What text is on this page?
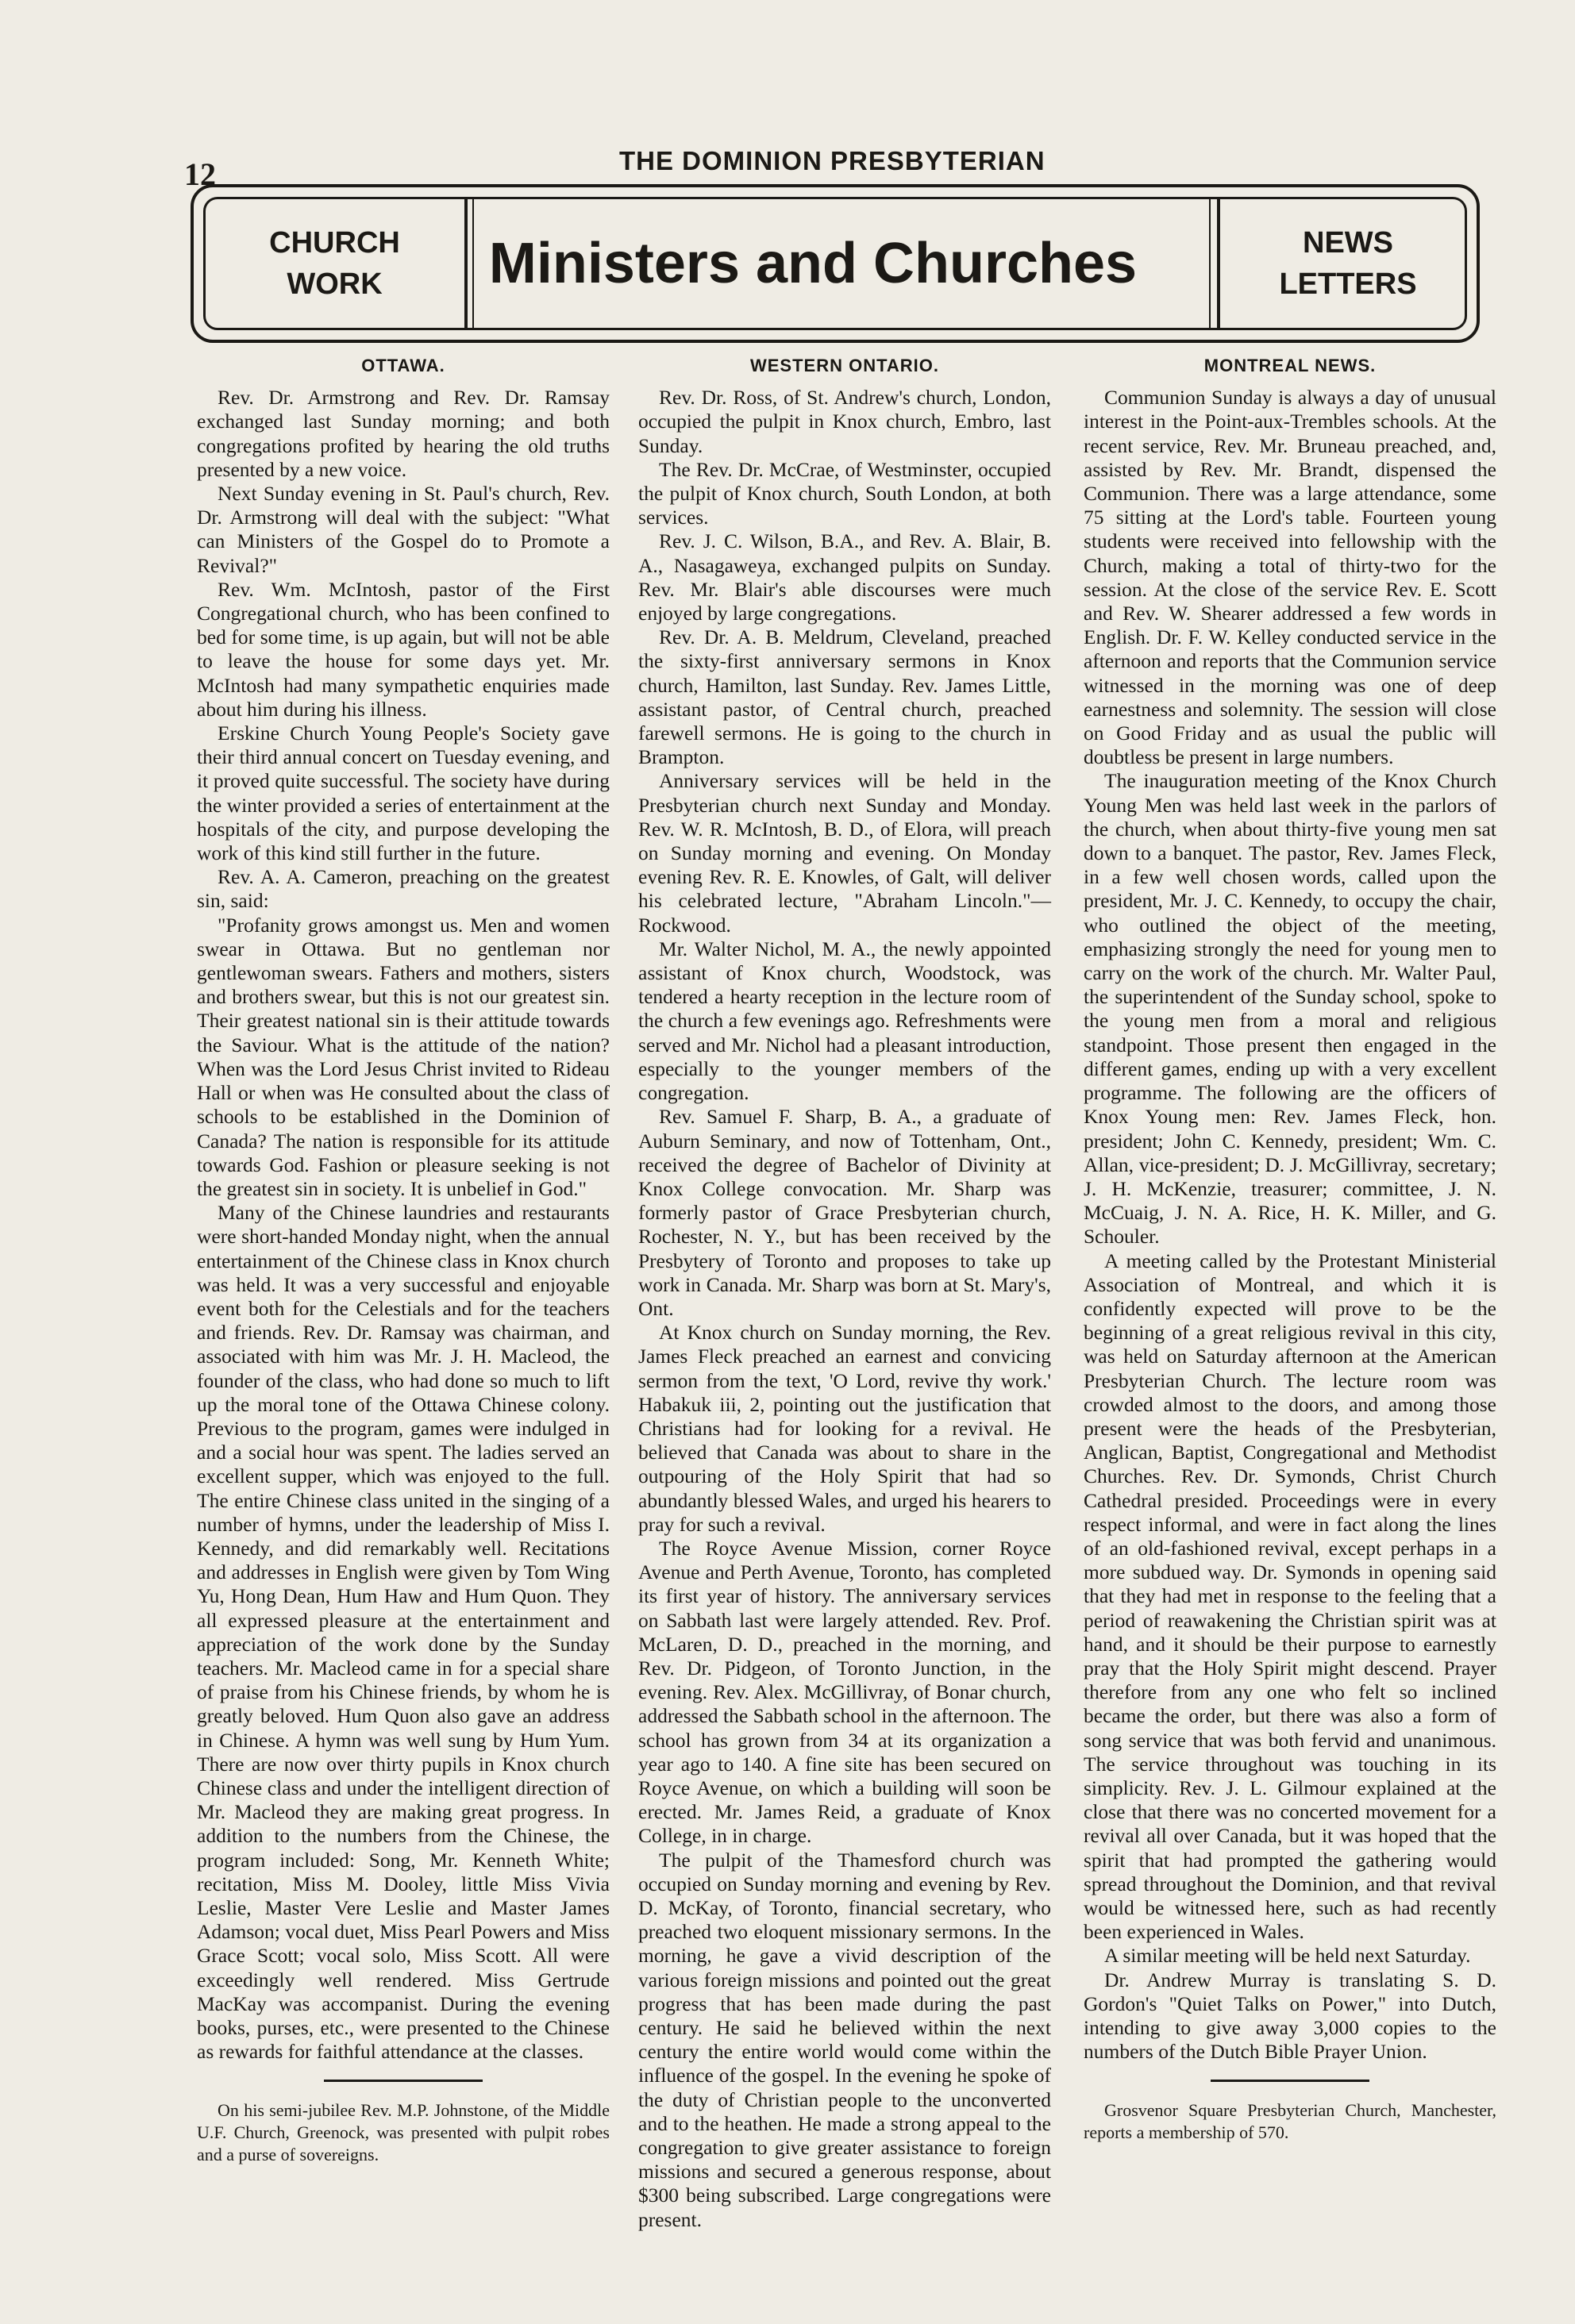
12	THE DOMINION PRESBYTERIAN
CHURCH
WORK	Ministers and Churches	NEWS
LETTERS
OTTAWA.

Rev. Dr. Armstrong and Rev. Dr. Ramsay exchanged last Sunday morning; and both congregations profited by hearing the old truths presented by a new voice.

Next Sunday evening in St. Paul's church, Rev. Dr. Armstrong will deal with the subject: "What can Ministers of the Gospel do to Promote a Revival?"

Rev. Wm. McIntosh, pastor of the First Congregational church, who has been confined to bed for some time, is up again, but will not be able to leave the house for some days yet. Mr. McIntosh had many sympathetic enquiries made about him during his illness.

Erskine Church Young People's Society gave their third annual concert on Tuesday evening, and it proved quite successful. The society have during the winter provided a series of entertainment at the hospitals of the city, and purpose developing the work of this kind still further in the future.

Rev. A. A. Cameron, preaching on the greatest sin, said:

"Profanity grows amongst us. Men and women swear in Ottawa. But no gentleman nor gentlewoman swears. Fathers and mothers, sisters and brothers swear, but this is not our greatest sin. Their greatest national sin is their attitude towards the Saviour. What is the attitude of the nation? When was the Lord Jesus Christ invited to Rideau Hall or when was He consulted about the class of schools to be established in the Dominion of Canada? The nation is responsible for its attitude towards God. Fashion or pleasure seeking is not the greatest sin in society. It is unbelief in God."

Many of the Chinese laundries and restaurants were short-handed Monday night, when the annual entertainment of the Chinese class in Knox church was held. It was a very successful and enjoyable event both for the Celestials and for the teachers and friends. Rev. Dr. Ramsay was chairman, and associated with him was Mr. J. H. Macleod, the founder of the class, who had done so much to lift up the moral tone of the Ottawa Chinese colony. Previous to the program, games were indulged in and a social hour was spent. The ladies served an excellent supper, which was enjoyed to the full. The entire Chinese class united in the singing of a number of hymns, under the leadership of Miss I. Kennedy, and did remarkably well. Recitations and addresses in English were given by Tom Wing Yu, Hong Dean, Hum Haw and Hum Quon. They all expressed pleasure at the entertainment and appreciation of the work done by the Sunday teachers. Mr. Macleod came in for a special share of praise from his Chinese friends, by whom he is greatly beloved. Hum Quon also gave an address in Chinese. A hymn was well sung by Hum Yum. There are now over thirty pupils in Knox church Chinese class and under the intelligent direction of Mr. Macleod they are making great progress. In addition to the numbers from the Chinese, the program included: Song, Mr. Kenneth White; recitation, Miss M. Dooley, little Miss Vivia Leslie, Master Vere Leslie and Master James Adamson; vocal duet, Miss Pearl Powers and Miss Grace Scott; vocal solo, Miss Scott. All were exceedingly well rendered. Miss Gertrude MacKay was accompanist. During the evening books, purses, etc., were presented to the Chinese as rewards for faithful attendance at the classes.

On his semi-jubilee Rev. M.P. Johnstone, of the Middle U.F. Church, Greenock, was presented with pulpit robes and a purse of sovereigns.

WESTERN ONTARIO.

Rev. Dr. Ross, of St. Andrew's church, London, occupied the pulpit in Knox church, Embro, last Sunday.

The Rev. Dr. McCrae, of Westminster, occupied the pulpit of Knox church, South London, at both services.

Rev. J. C. Wilson, B.A., and Rev. A. Blair, B. A., Nasagaweya, exchanged pulpits on Sunday. Rev. Mr. Blair's able discourses were much enjoyed by large congregations.

Rev. Dr. A. B. Meldrum, Cleveland, preached the sixty-first anniversary sermons in Knox church, Hamilton, last Sunday. Rev. James Little, assistant pastor, of Central church, preached farewell sermons. He is going to the church in Brampton.

Anniversary services will be held in the Presbyterian church next Sunday and Monday. Rev. W. R. McIntosh, B. D., of Elora, will preach on Sunday morning and evening. On Monday evening Rev. R. E. Knowles, of Galt, will deliver his celebrated lecture, "Abraham Lincoln."—Rockwood.

Mr. Walter Nichol, M. A., the newly appointed assistant of Knox church, Woodstock, was tendered a hearty reception in the lecture room of the church a few evenings ago. Refreshments were served and Mr. Nichol had a pleasant introduction, especially to the younger members of the congregation.

Rev. Samuel F. Sharp, B. A., a graduate of Auburn Seminary, and now of Tottenham, Ont., received the degree of Bachelor of Divinity at Knox College convocation. Mr. Sharp was formerly pastor of Grace Presbyterian church, Rochester, N. Y., but has been received by the Presbytery of Toronto and proposes to take up work in Canada. Mr. Sharp was born at St. Mary's, Ont.

At Knox church on Sunday morning, the Rev. James Fleck preached an earnest and convicing sermon from the text, 'O Lord, revive thy work.' Habakuk iii, 2, pointing out the justification that Christians had for looking for a revival. He believed that Canada was about to share in the outpouring of the Holy Spirit that had so abundantly blessed Wales, and urged his hearers to pray for such a revival.

The Royce Avenue Mission, corner Royce Avenue and Perth Avenue, Toronto, has completed its first year of history. The anniversary services on Sabbath last were largely attended. Rev. Prof. McLaren, D. D., preached in the morning, and Rev. Dr. Pidgeon, of Toronto Junction, in the evening. Rev. Alex. McGillivray, of Bonar church, addressed the Sabbath school in the afternoon. The school has grown from 34 at its organization a year ago to 140. A fine site has been secured on Royce Avenue, on which a building will soon be erected. Mr. James Reid, a graduate of Knox College, in in charge.

The pulpit of the Thamesford church was occupied on Sunday morning and evening by Rev. D. McKay, of Toronto, financial secretary, who preached two eloquent missionary sermons. In the morning, he gave a vivid description of the various foreign missions and pointed out the great progress that has been made during the past century. He said he believed within the next century the entire world would come within the influence of the gospel. In the evening he spoke of the duty of Christian people to the unconverted and to the heathen. He made a strong appeal to the congregation to give greater assistance to foreign missions and secured a generous response, about $300 being subscribed. Large congregations were present.

MONTREAL NEWS.

Communion Sunday is always a day of unusual interest in the Point-aux-Trembles schools. At the recent service, Rev. Mr. Bruneau preached, and, assisted by Rev. Mr. Brandt, dispensed the Communion. There was a large attendance, some 75 sitting at the Lord's table. Fourteen young students were received into fellowship with the Church, making a total of thirty-two for the session. At the close of the service Rev. E. Scott and Rev. W. Shearer addressed a few words in English. Dr. F. W. Kelley conducted service in the afternoon and reports that the Communion service witnessed in the morning was one of deep earnestness and solemnity. The session will close on Good Friday and as usual the public will doubtless be present in large numbers.

The inauguration meeting of the Knox Church Young Men was held last week in the parlors of the church, when about thirty-five young men sat down to a banquet. The pastor, Rev. James Fleck, in a few well chosen words, called upon the president, Mr. J. C. Kennedy, to occupy the chair, who outlined the object of the meeting, emphasizing strongly the need for young men to carry on the work of the church. Mr. Walter Paul, the superintendent of the Sunday school, spoke to the young men from a moral and religious standpoint. Those present then engaged in the different games, ending up with a very excellent programme. The following are the officers of Knox Young men: Rev. James Fleck, hon. president; John C. Kennedy, president; Wm. C. Allan, vice-president; D. J. McGillivray, secretary; J. H. McKenzie, treasurer; committee, J. N. McCuaig, J. N. A. Rice, H. K. Miller, and G. Schouler.

A meeting called by the Protestant Ministerial Association of Montreal, and which it is confidently expected will prove to be the beginning of a great religious revival in this city, was held on Saturday afternoon at the American Presbyterian Church. The lecture room was crowded almost to the doors, and among those present were the heads of the Presbyterian, Anglican, Baptist, Congregational and Methodist Churches. Rev. Dr. Symonds, Christ Church Cathedral presided. Proceedings were in every respect informal, and were in fact along the lines of an old-fashioned revival, except perhaps in a more subdued way. Dr. Symonds in opening said that they had met in response to the feeling that a period of reawakening the Christian spirit was at hand, and it should be their purpose to earnestly pray that the Holy Spirit might descend. Prayer therefore from any one who felt so inclined became the order, but there was also a form of song service that was both fervid and unanimous. The service throughout was touching in its simplicity. Rev. J. L. Gilmour explained at the close that there was no concerted movement for a revival all over Canada, but it was hoped that the spirit that had prompted the gathering would spread throughout the Dominion, and that revival would be witnessed here, such as had recently been experienced in Wales.

A similar meeting will be held next Saturday.

Dr. Andrew Murray is translating S. D. Gordon's "Quiet Talks on Power," into Dutch, intending to give away 3,000 copies to the numbers of the Dutch Bible Prayer Union.

Grosvenor Square Presbyterian Church, Manchester, reports a membership of 570.
